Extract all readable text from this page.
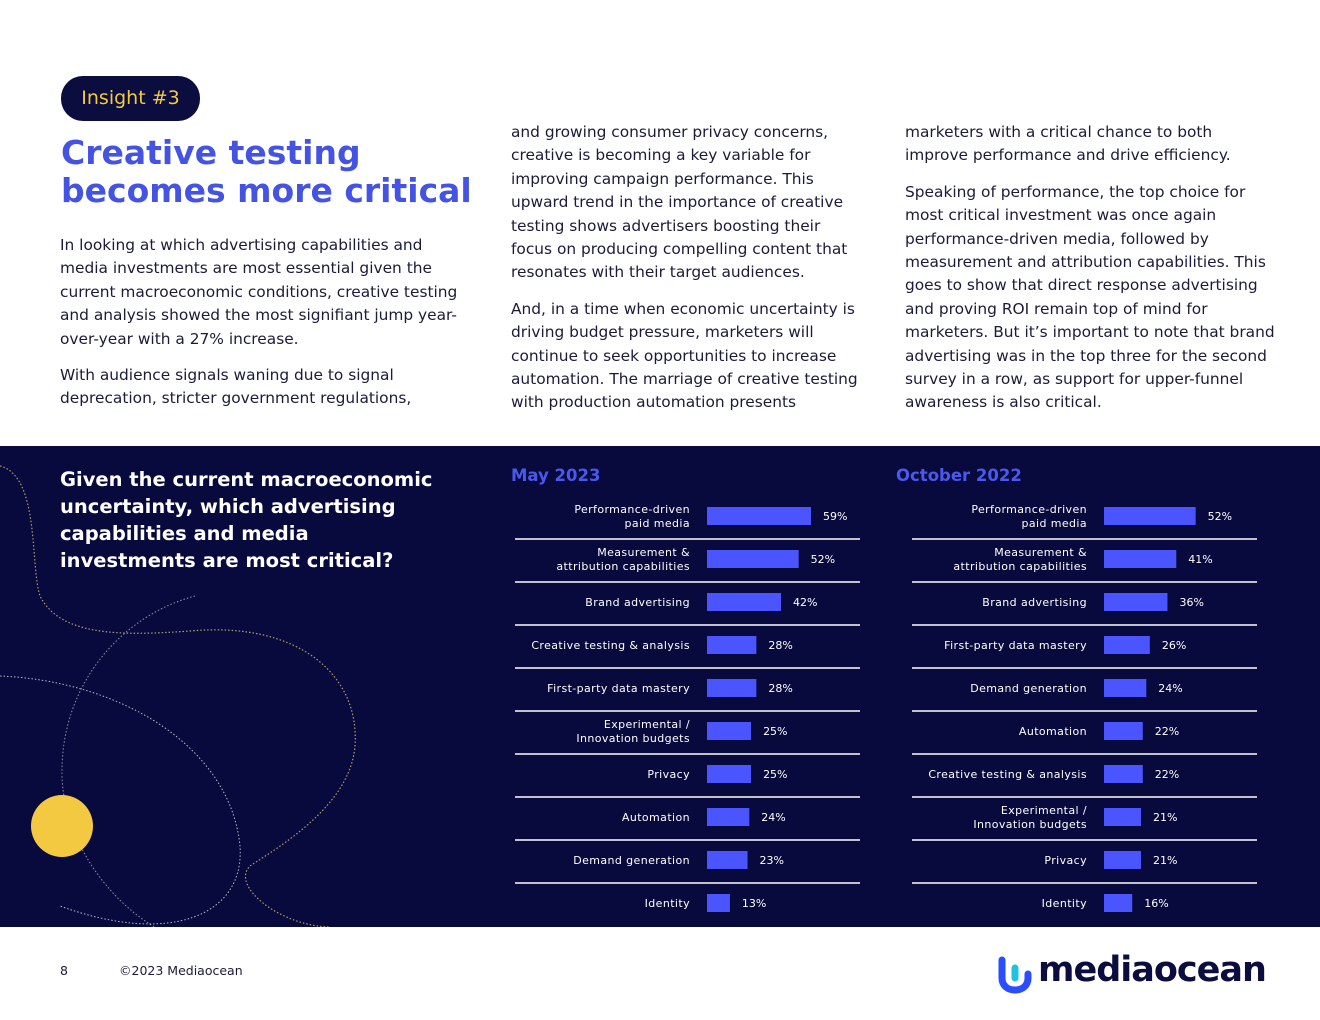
Insight #3
Creative testing
becomes more critical

In looking at which advertising capabilities and media investments are most essential given the current macroeconomic conditions, creative testing and analysis showed the most signifiant jump year-over-year with a 27% increase.

With audience signals waning due to signal deprecation, stricter government regulations,

and growing consumer privacy concerns, creative is becoming a key variable for improving campaign performance. This upward trend in the importance of creative testing shows advertisers boosting their focus on producing compelling content that resonates with their target audiences.

And, in a time when economic uncertainty is driving budget pressure, marketers will continue to seek opportunities to increase automation. The marriage of creative testing with production automation presents

marketers with a critical chance to both improve performance and drive efficiency.

Speaking of performance, the top choice for most critical investment was once again performance-driven media, followed by measurement and attribution capabilities. This goes to show that direct response advertising and proving ROI remain top of mind for marketers. But it’s important to note that brand advertising was in the top three for the second survey in a row, as support for upper-funnel awareness is also critical.

Given the current macroeconomic uncertainty, which advertising capabilities and media investments are most critical?

May 2023	October 2022
Performance-driven
paid media
59%
Measurement &
attribution capabilities
52%
Brand advertising	42%
Creative testing & analysis	28%
First-party data mastery	28%
Experimental /
Innovation budgets
25%
Privacy	25%
Automation	24%
Demand generation	23%
Identity	13%
Performance-driven
paid media
52%
Measurement &
attribution capabilities
41%
Brand advertising	36%
First-party data mastery	26%
Demand generation	24%
Automation	22%
Creative testing & analysis	22%
Experimental /
Innovation budgets
21%
Privacy	21%
Identity	16%
8	©2023 Mediaocean	mediaocean
